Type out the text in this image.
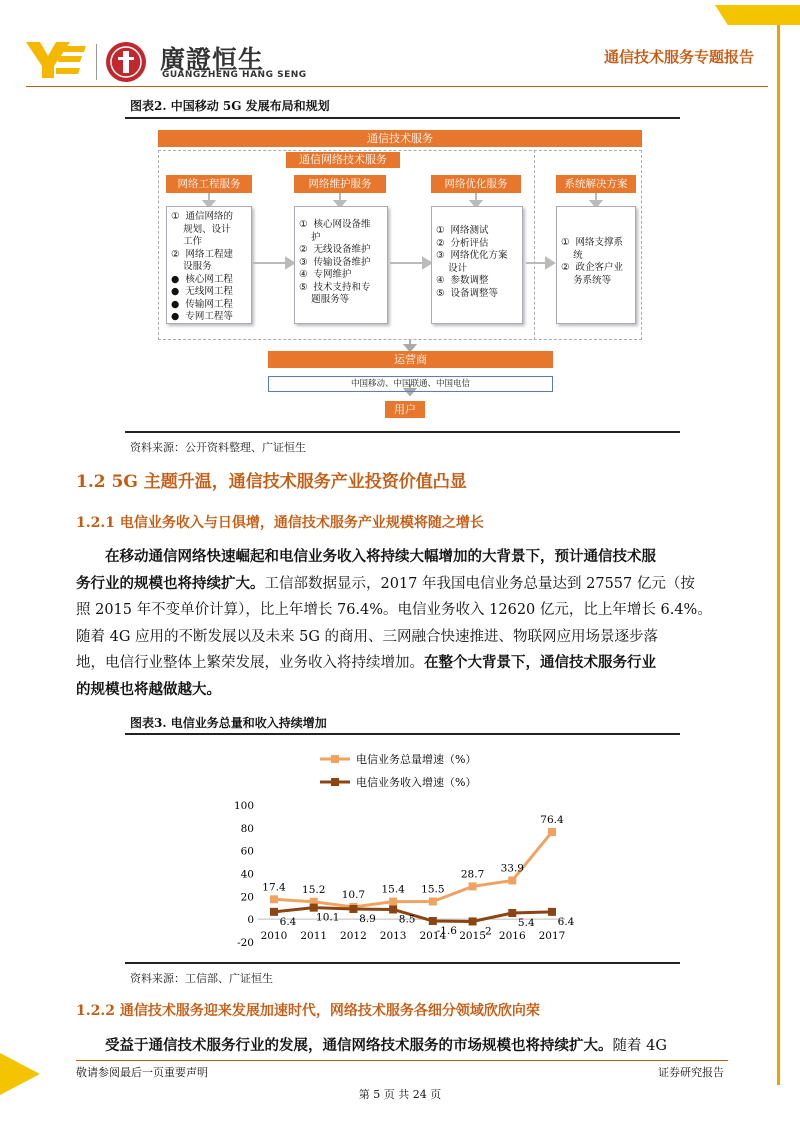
廣證恒生
GUANGZHENG HANG SENG
通信技术服务专题报告
图表2. 中国移动 5G 发展布局和规划
通信技术服务
通信网络技术服务
网络工程服务	网络维护服务	网络优化服务	系统解决方案
①  通信网络的
规划、设计
工作
②  网络工程建
设服务
●  核心网工程
●  无线网工程
●  传输网工程
●  专网工程等
①  核心网设备维
护
②  无线设备维护
③  传输设备维护
④  专网维护
⑤  技术支持和专
题服务等
①  网络测试
②  分析评估
③  网络优化方案
设计
④  参数调整
⑤  设备调整等
①  网络支撑系
统
②  政企客户业
务系统等
运营商
中国移动、中国联通、中国电信
用户
资料来源：公开资料整理、广证恒生
1.2 5G 主题升温，通信技术服务产业投资价值凸显
1.2.1 电信业务收入与日俱增，通信技术服务产业规模将随之增长
在移动通信网络快速崛起和电信业务收入将持续大幅增加的大背景下，预计通信技术服
务行业的规模也将持续扩大。工信部数据显示，2017 年我国电信业务总量达到 27557 亿元（按
照 2015 年不变单价计算），比上年增长 76.4%。电信业务收入 12620 亿元，比上年增长 6.4%。
随着 4G 应用的不断发展以及未来 5G 的商用、三网融合快速推进、物联网应用场景逐步落
地，电信行业整体上繁荣发展，业务收入将持续增加。在整个大背景下，通信技术服务行业
的规模也将越做越大。
图表3. 电信业务总量和收入持续增加
电信业务总量增速（%）
电信业务收入增速（%）
100
80
60
40
20
0
-20
2010 2011 2012 2013 2014 2015 2016 2017
17.4 15.2 10.7 15.4 15.5
28.7 33.9
76.4
6.4 10.1 8.9 8.5
-1.6 -2
5.4 6.4
资料来源：工信部、广证恒生
1.2.2 通信技术服务迎来发展加速时代，网络技术服务各细分领域欣欣向荣
受益于通信技术服务行业的发展，通信网络技术服务的市场规模也将持续扩大。随着 4G
敬请参阅最后一页重要声明	证券研究报告
第 5 页 共 24 页
